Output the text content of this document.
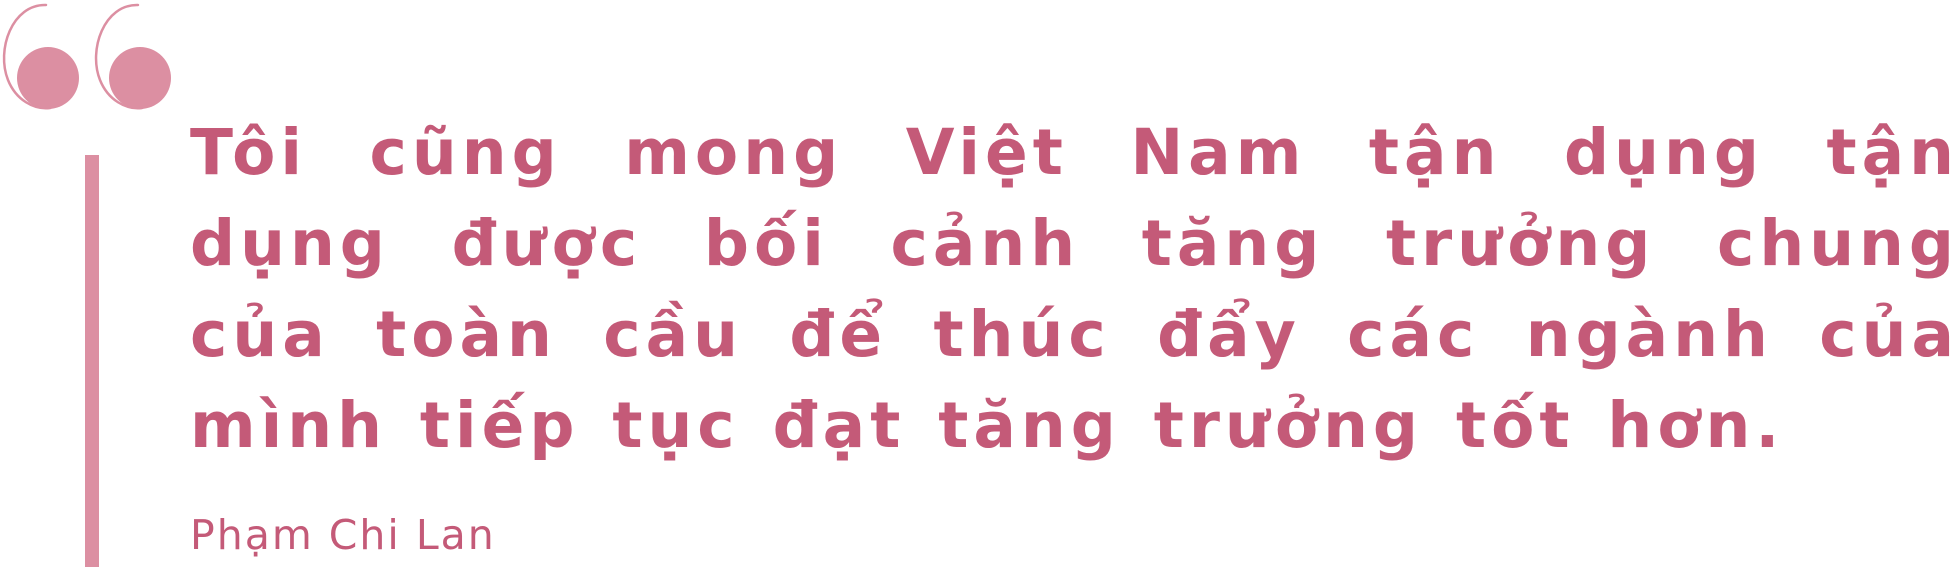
Tôi cũng mong Việt Nam tận dụng tận dụng được bối cảnh tăng trưởng chung của toàn cầu để thúc đẩy các ngành của mình tiếp tục đạt tăng trưởng tốt hơn.

Phạm Chi Lan
